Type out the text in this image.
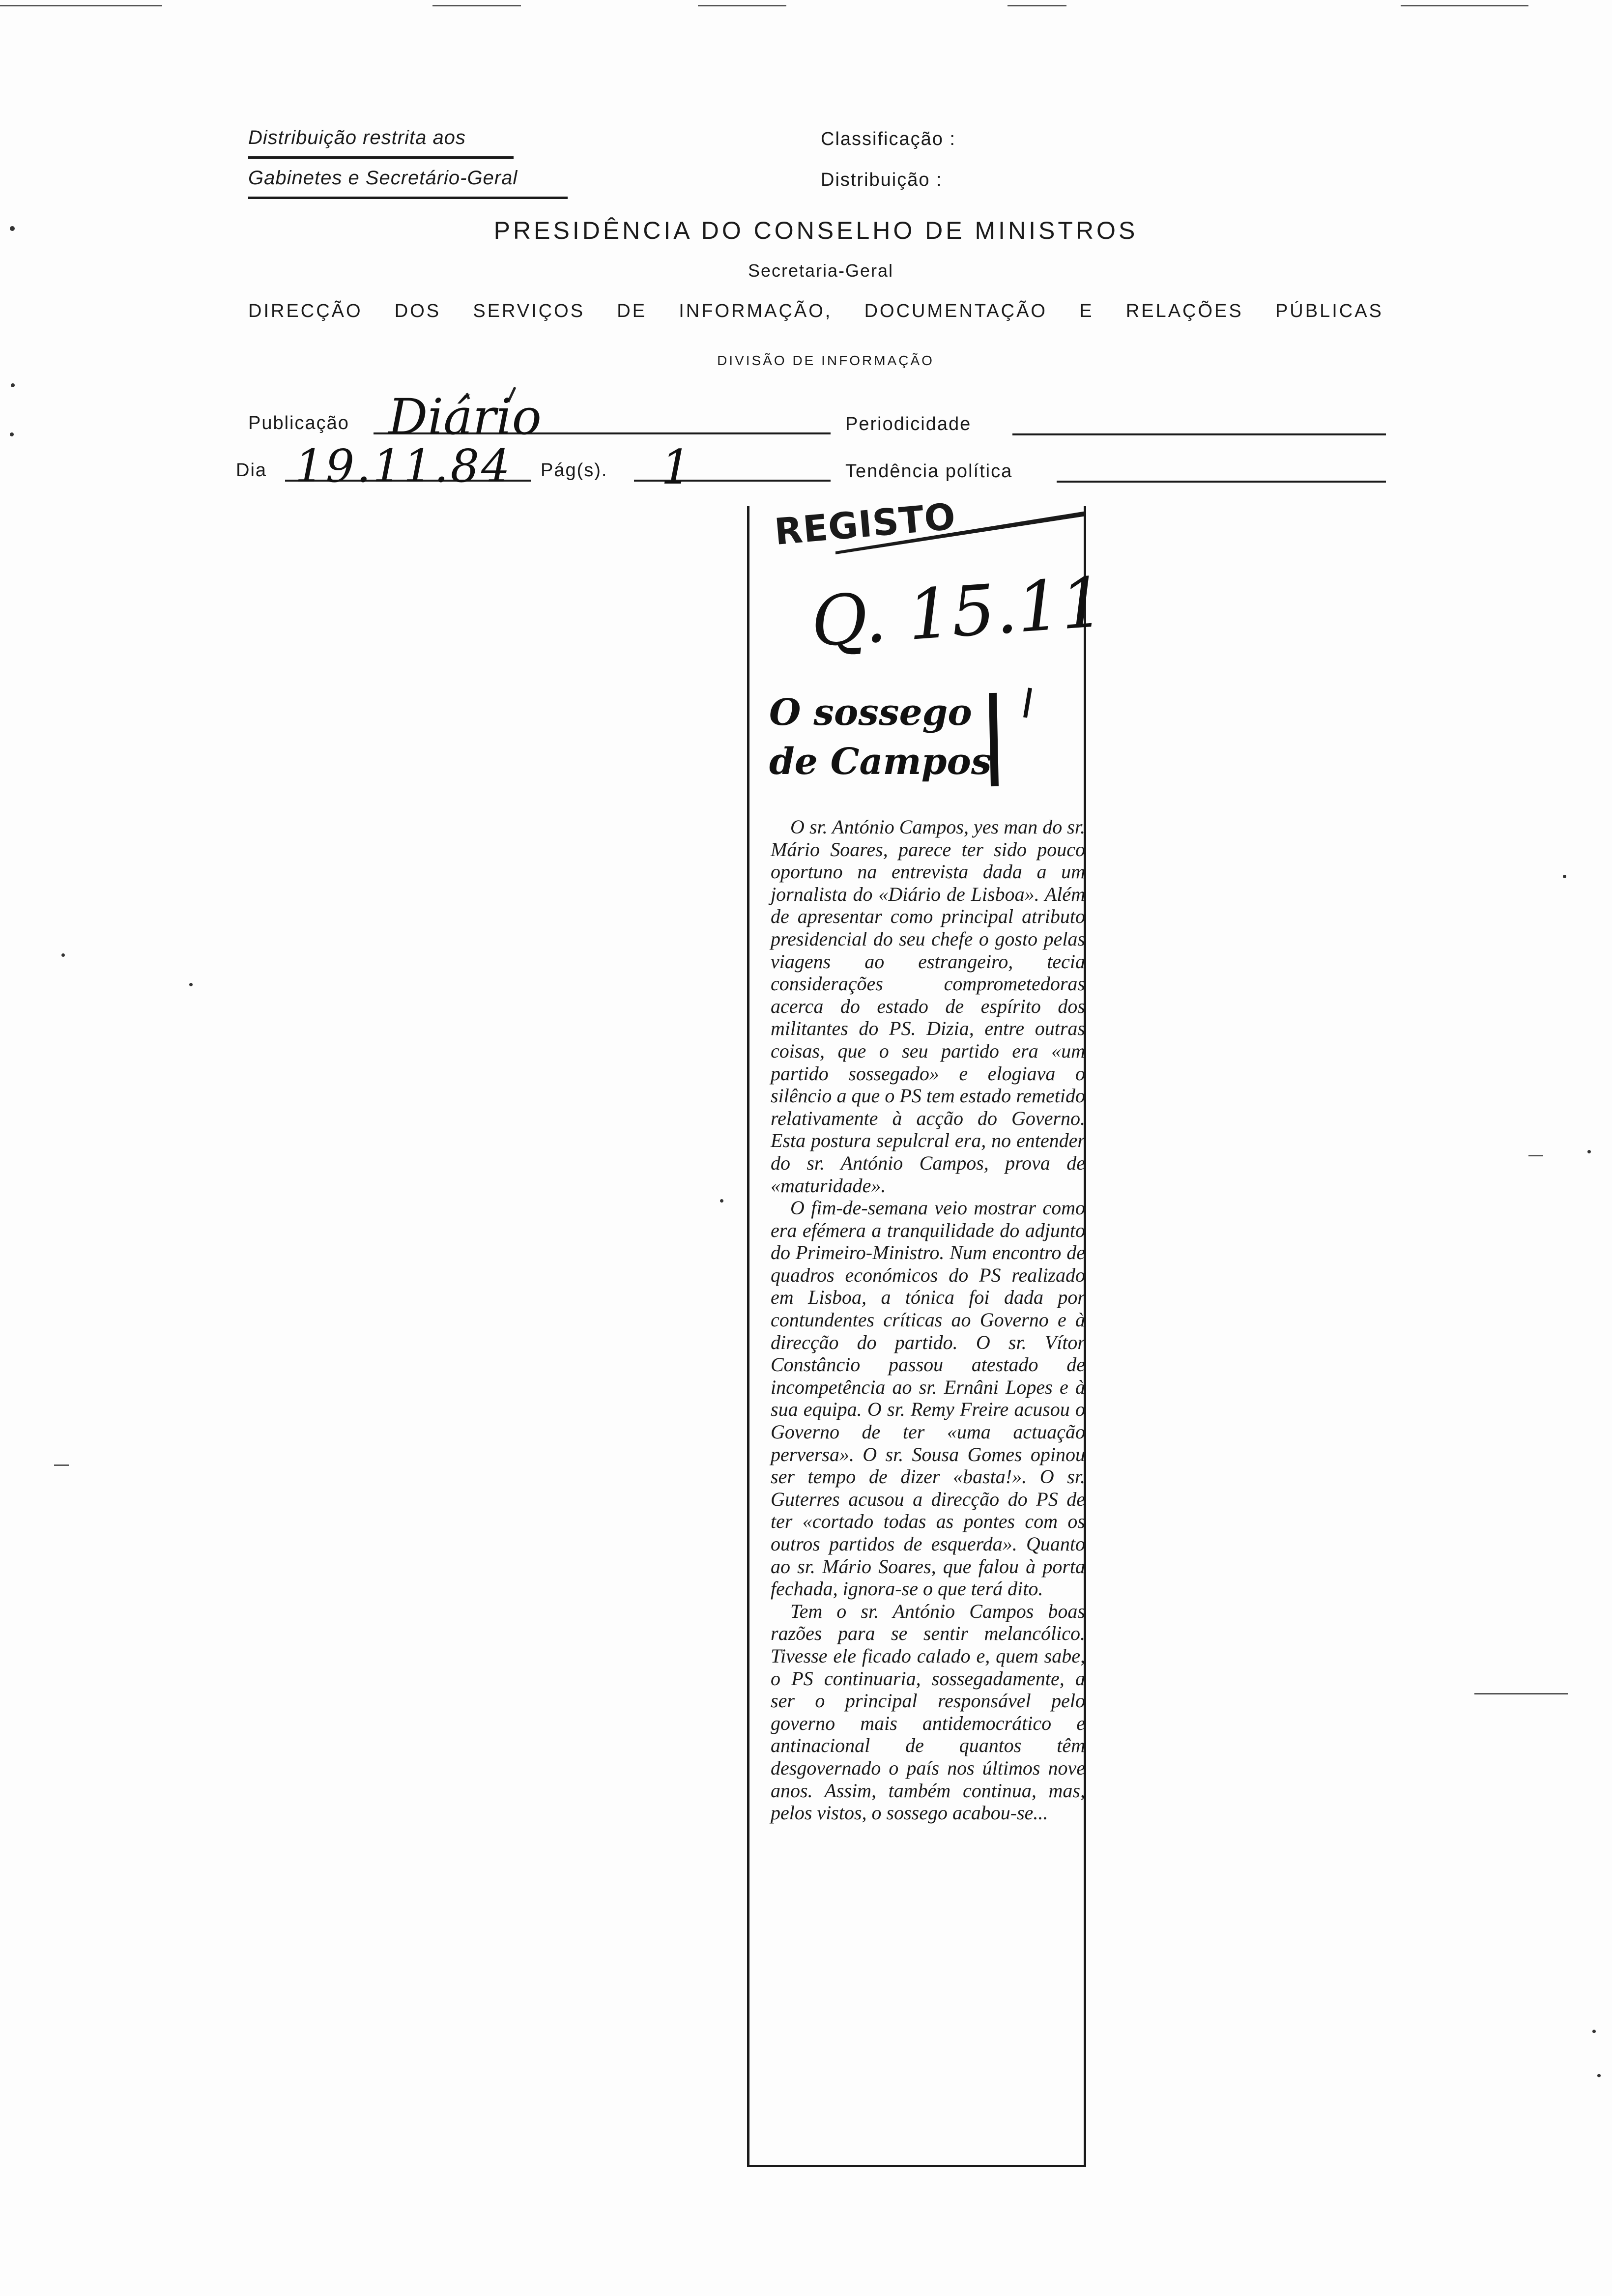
Distribuição restrita aos
Gabinetes e Secretário-Geral
Classificação :
Distribuição :
PRESIDÊNCIA DO CONSELHO DE MINISTROS
Secretaria-Geral
DIRECÇÃO DOS SERVIÇOS DE INFORMAÇÃO, DOCUMENTAÇÃO E RELAÇÕES PÚBLICAS
DIVISÃO DE INFORMAÇÃO
Publicação Diário	Periodicidade
Dia 19.11.84 Pág(s). 1	Tendência política
REGISTO
Q. 15.11
O sossego
de Campos

O sr. António Campos, yes man do sr. Mário Soares, parece ter sido pouco oportuno na entrevista dada a um jornalista do «Diário de Lisboa». Além de apresentar como principal atributo presidencial do seu chefe o gosto pelas viagens ao estrangeiro, tecia considerações comprometedoras acerca do estado de espírito dos militantes do PS. Dizia, entre outras coisas, que o seu partido era «um partido sossegado» e elogiava o silêncio a que o PS tem estado remetido relativamente à acção do Governo. Esta postura sepulcral era, no entender do sr. António Campos, prova de «maturidade».

O fim-de-semana veio mostrar como era efémera a tranquilidade do adjunto do Primeiro-Ministro. Num encontro de quadros económicos do PS realizado em Lisboa, a tónica foi dada por contundentes críticas ao Governo e à direcção do partido. O sr. Vítor Constâncio passou atestado de incompetência ao sr. Ernâni Lopes e à sua equipa. O sr. Remy Freire acusou o Governo de ter «uma actuação perversa». O sr. Sousa Gomes opinou ser tempo de dizer «basta!». O sr. Guterres acusou a direcção do PS de ter «cortado todas as pontes com os outros partidos de esquerda». Quanto ao sr. Mário Soares, que falou à porta fechada, ignora-se o que terá dito.

Tem o sr. António Campos boas razões para se sentir melancólico. Tivesse ele ficado calado e, quem sabe, o PS continuaria, sossegadamente, a ser o principal responsável pelo governo mais antidemocrático e antinacional de quantos têm desgovernado o país nos últimos nove anos. Assim, também continua, mas, pelos vistos, o sossego acabou-se...
